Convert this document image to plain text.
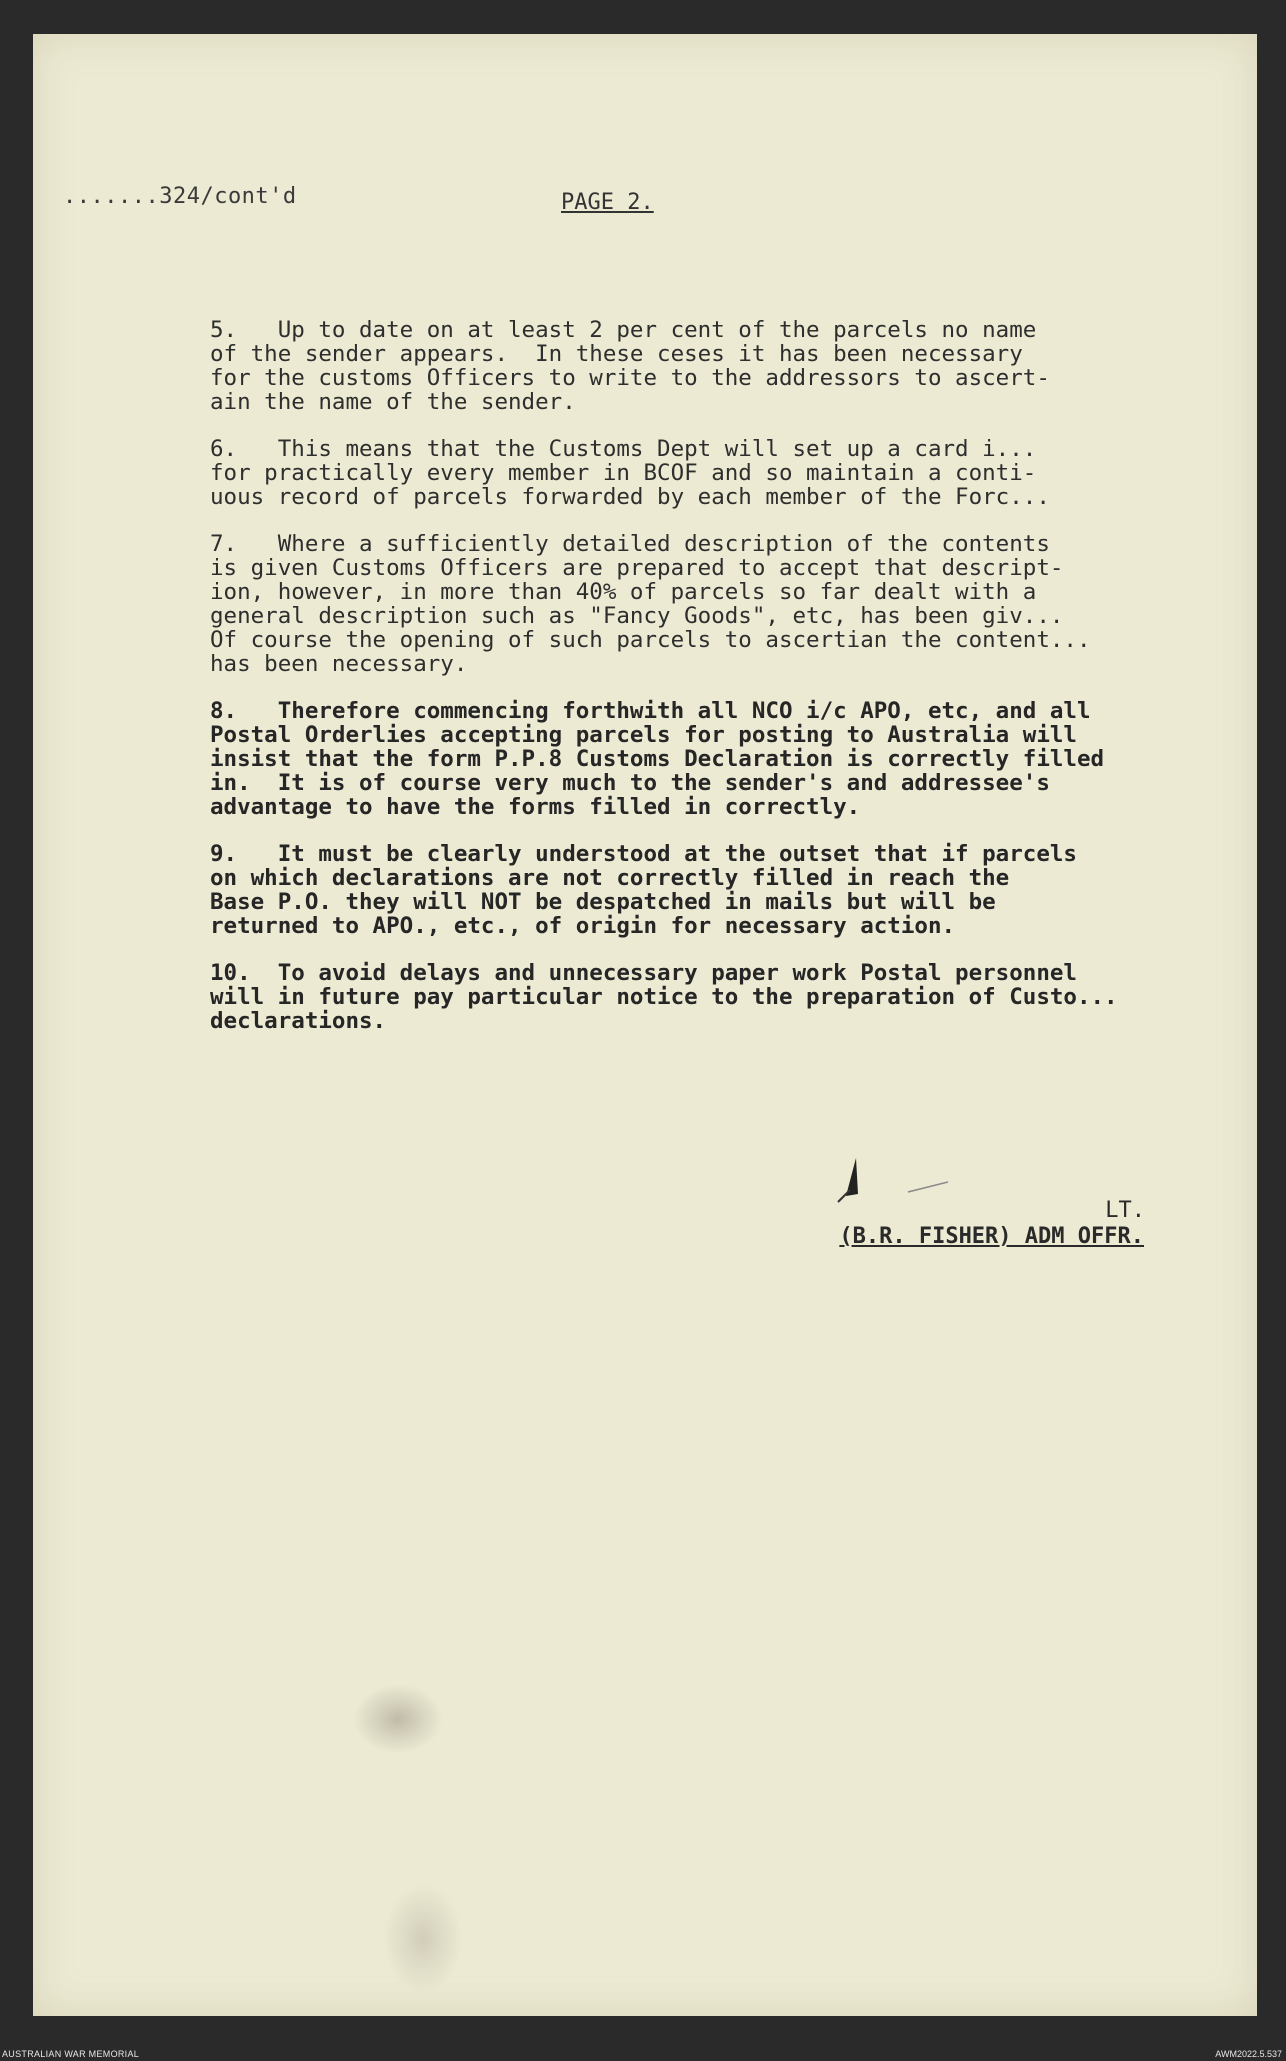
.......324/cont'd	PAGE 2.

5.   Up to date on at least 2 per cent of the parcels no name
of the sender appears.  In these ceses it has been necessary
for the customs Officers to write to the addressors to ascert-
ain the name of the sender.

6.   This means that the Customs Dept will set up a card i...
for practically every member in BCOF and so maintain a conti-
uous record of parcels forwarded by each member of the Forc...

7.   Where a sufficiently detailed description of the contents
is given Customs Officers are prepared to accept that descript-
ion, however, in more than 40% of parcels so far dealt with a
general description such as "Fancy Goods", etc, has been giv...
Of course the opening of such parcels to ascertian the content...
has been necessary.

8.   Therefore commencing forthwith all NCO i/c APO, etc, and all
Postal Orderlies accepting parcels for posting to Australia will
insist that the form P.P.8 Customs Declaration is correctly filled
in.  It is of course very much to the sender's and addressee's
advantage to have the forms filled in correctly.

9.   It must be clearly understood at the outset that if parcels
on which declarations are not correctly filled in reach the
Base P.O. they will NOT be despatched in mails but will be
returned to APO., etc., of origin for necessary action.

10.  To avoid delays and unnecessary paper work Postal personnel
will in future pay particular notice to the preparation of Custo...
declarations.

LT.
(B.R. FISHER) ADM OFFR.
AUSTRALIAN WAR MEMORIAL	AWM2022.5.537
